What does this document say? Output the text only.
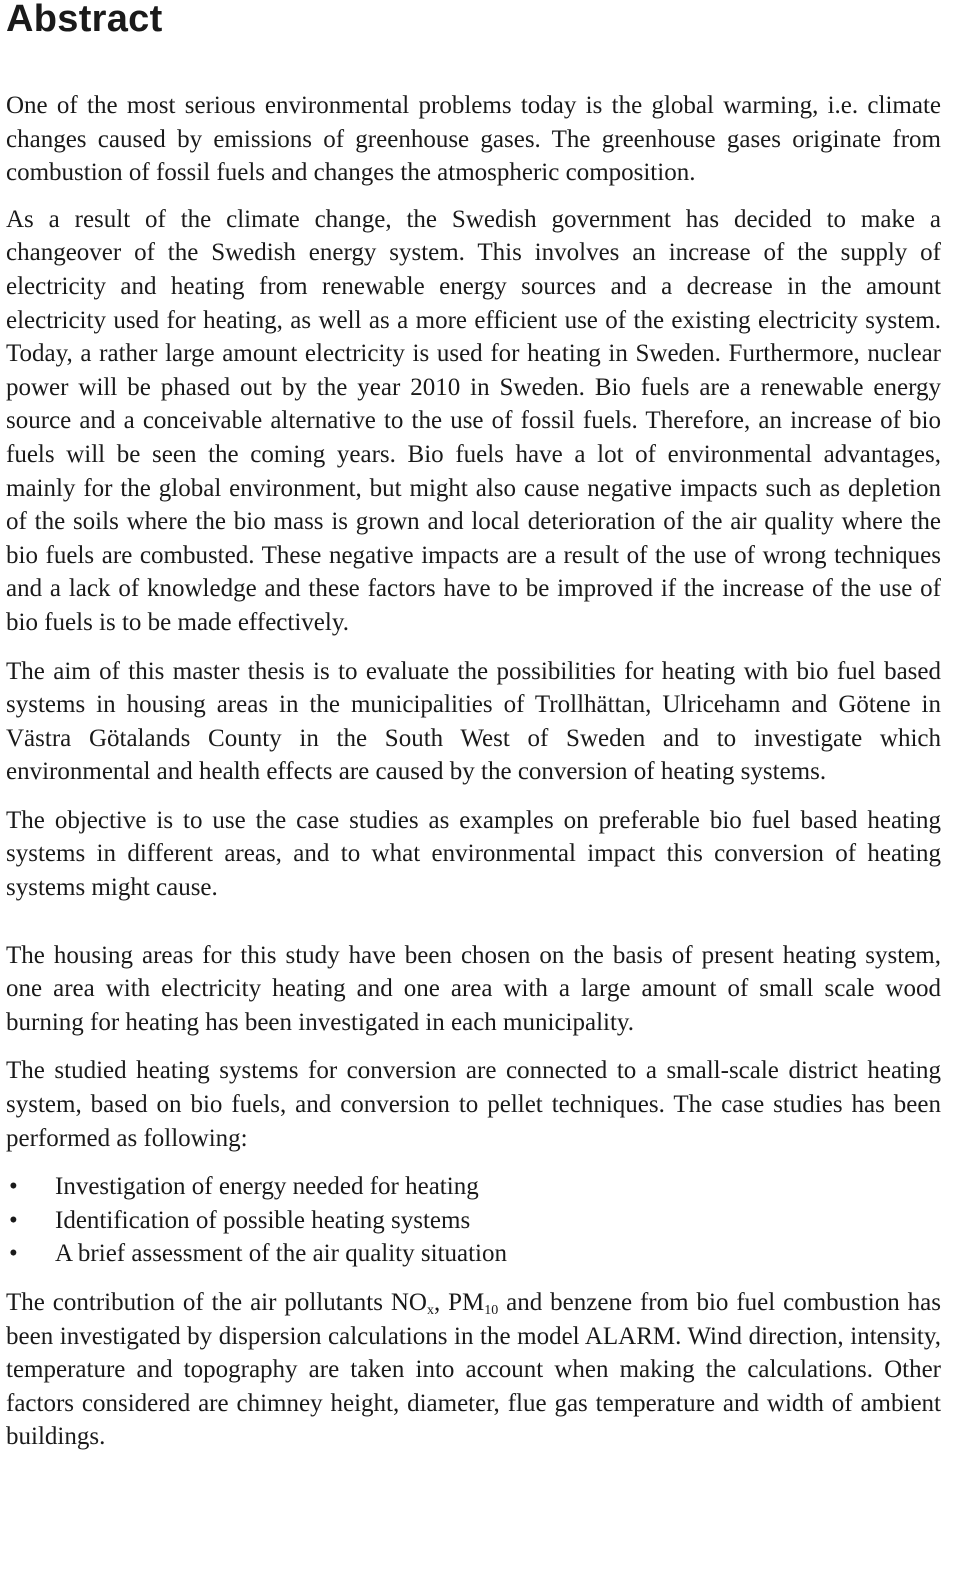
Abstract

One of the most serious environmental problems today is the global warming, i.e. climate changes caused by emissions of greenhouse gases. The greenhouse gases originate from combustion of fossil fuels and changes the atmospheric composition.

As a result of the climate change, the Swedish government has decided to make a changeover of the Swedish energy system. This involves an increase of the supply of electricity and heating from renewable energy sources and a decrease in the amount electricity used for heating, as well as a more efficient use of the existing electricity system. Today, a rather large amount electricity is used for heating in Sweden. Furthermore, nuclear power will be phased out by the year 2010 in Sweden. Bio fuels are a renewable energy source and a conceivable alternative to the use of fossil fuels. Therefore, an increase of bio fuels will be seen the coming years. Bio fuels have a lot of environmental advantages, mainly for the global environment, but might also cause negative impacts such as depletion of the soils where the bio mass is grown and local deterioration of the air quality where the bio fuels are combusted. These negative impacts are a result of the use of wrong techniques and a lack of knowledge and these factors have to be improved if the increase of the use of bio fuels is to be made effectively.

The aim of this master thesis is to evaluate the possibilities for heating with bio fuel based systems in housing areas in the municipalities of Trollhättan, Ulricehamn and Götene in Västra Götalands County in the South West of Sweden and to investigate which environmental and health effects are caused by the conversion of heating systems.

The objective is to use the case studies as examples on preferable bio fuel based heating systems in different areas, and to what environmental impact this conversion of heating systems might cause.

The housing areas for this study have been chosen on the basis of present heating system, one area with electricity heating and one area with a large amount of small scale wood burning for heating has been investigated in each municipality.

The studied heating systems for conversion are connected to a small-scale district heating system, based on bio fuels, and conversion to pellet techniques. The case studies has been performed as following:

• Investigation of energy needed for heating
• Identification of possible heating systems
• A brief assessment of the air quality situation

The contribution of the air pollutants $NO_x$, $PM_{10}$ and benzene from bio fuel combustion has been investigated by dispersion calculations in the model ALARM. Wind direction, intensity, temperature and topography are taken into account when making the calculations. Other factors considered are chimney height, diameter, flue gas temperature and width of ambient buildings.
